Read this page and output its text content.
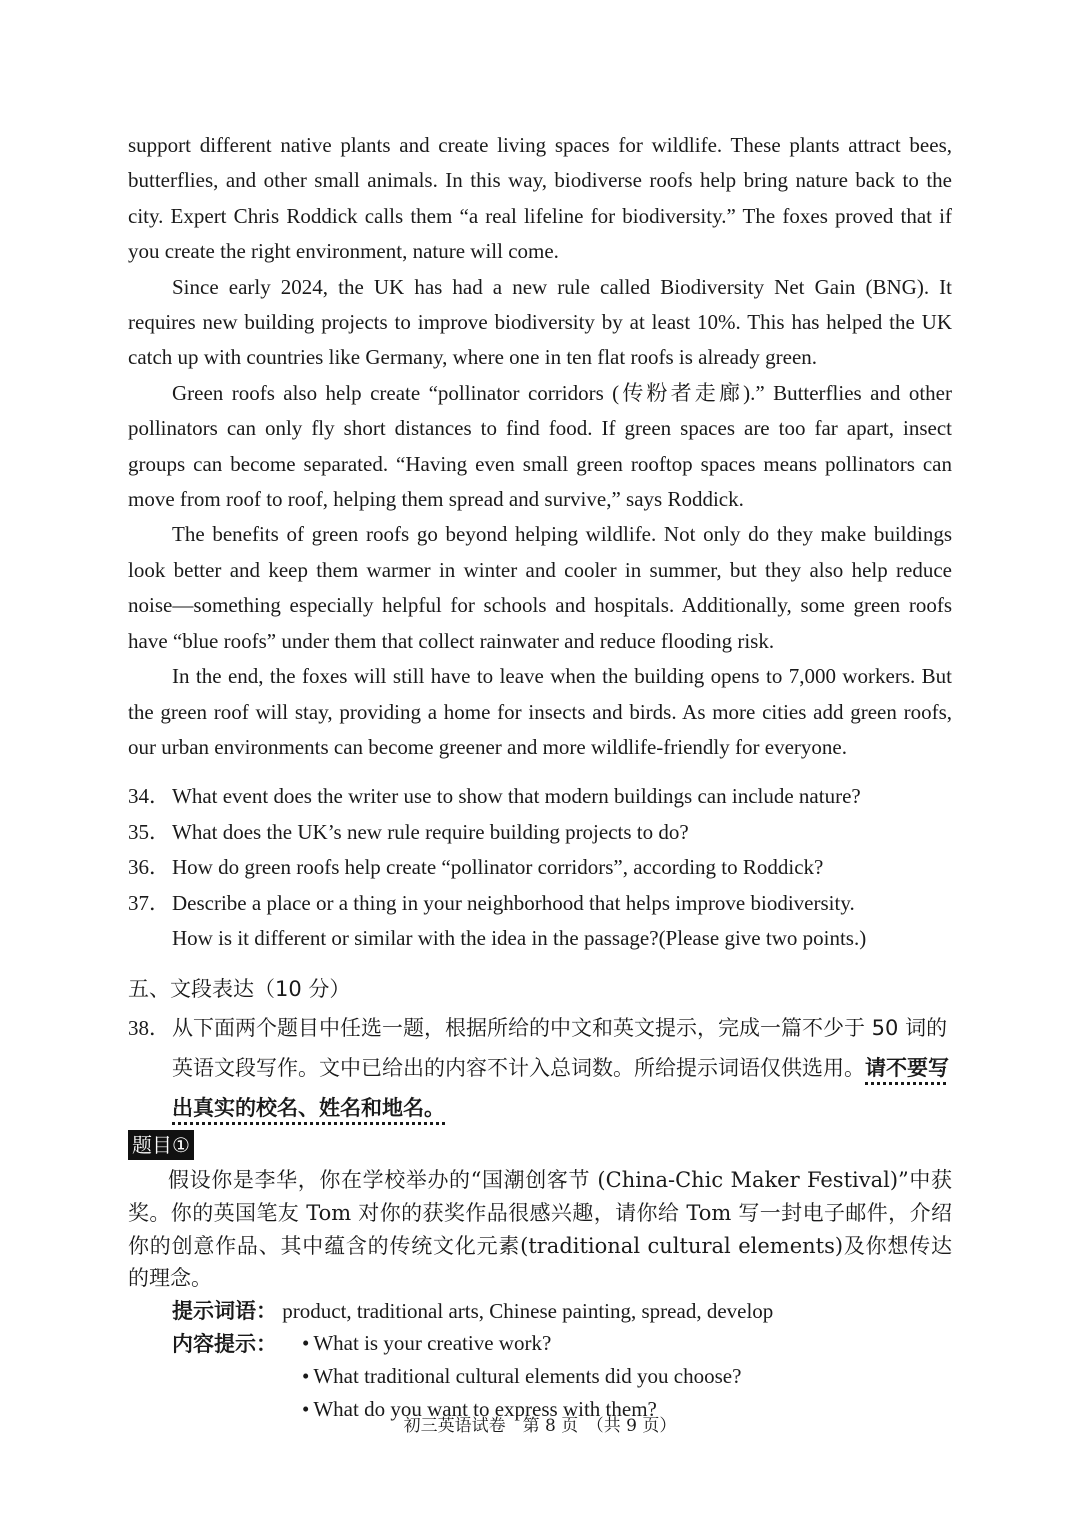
support different native plants and create living spaces for wildlife. These plants attract bees, butterflies, and other small animals. In this way, biodiverse roofs help bring nature back to the city. Expert Chris Roddick calls them “a real lifeline for biodiversity.” The foxes proved that if you create the right environment, nature will come.

Since early 2024, the UK has had a new rule called Biodiversity Net Gain (BNG). It requires new building projects to improve biodiversity by at least 10%. This has helped the UK catch up with countries like Germany, where one in ten flat roofs is already green.

Green roofs also help create “pollinator corridors (传粉者走廊).” Butterflies and other pollinators can only fly short distances to find food. If green spaces are too far apart, insect groups can become separated. “Having even small green rooftop spaces means pollinators can move from roof to roof, helping them spread and survive,” says Roddick.

The benefits of green roofs go beyond helping wildlife. Not only do they make buildings look better and keep them warmer in winter and cooler in summer, but they also help reduce noise—something especially helpful for schools and hospitals. Additionally, some green roofs have “blue roofs” under them that collect rainwater and reduce flooding risk.

In the end, the foxes will still have to leave when the building opens to 7,000 workers. But the green roof will stay, providing a home for insects and birds. As more cities add green roofs, our urban environments can become greener and more wildlife-friendly for everyone.

34． What event does the writer use to show that modern buildings can include nature?
35． What does the UK’s new rule require building projects to do?
36． How do green roofs help create “pollinator corridors”, according to Roddick?
37． Describe a place or a thing in your neighborhood that helps improve biodiversity.
How is it different or similar with the idea in the passage?(Please give two points.)
五、文段表达（10 分）
38． 从下面两个题目中任选一题，根据所给的中文和英文提示，完成一篇不少于 50 词的英语文段写作。文中已给出的内容不计入总词数。所给提示词语仅供选用。请不要写出真实的校名、姓名和地名。
题目①
假设你是李华，你在学校举办的“国潮创客节 (China-Chic Maker Festival)”中获奖。你的英国笔友 Tom 对你的获奖作品很感兴趣，请你给 Tom 写一封电子邮件，介绍你的创意作品、其中蕴含的传统文化元素(traditional cultural elements)及你想传达的理念。
提示词语： product, traditional arts, Chinese painting, spread, develop
内容提示：	• What is your creative work?
• What traditional cultural elements did you choose?
• What do you want to express with them?
初三英语试卷　第 8 页　（共 9 页）
